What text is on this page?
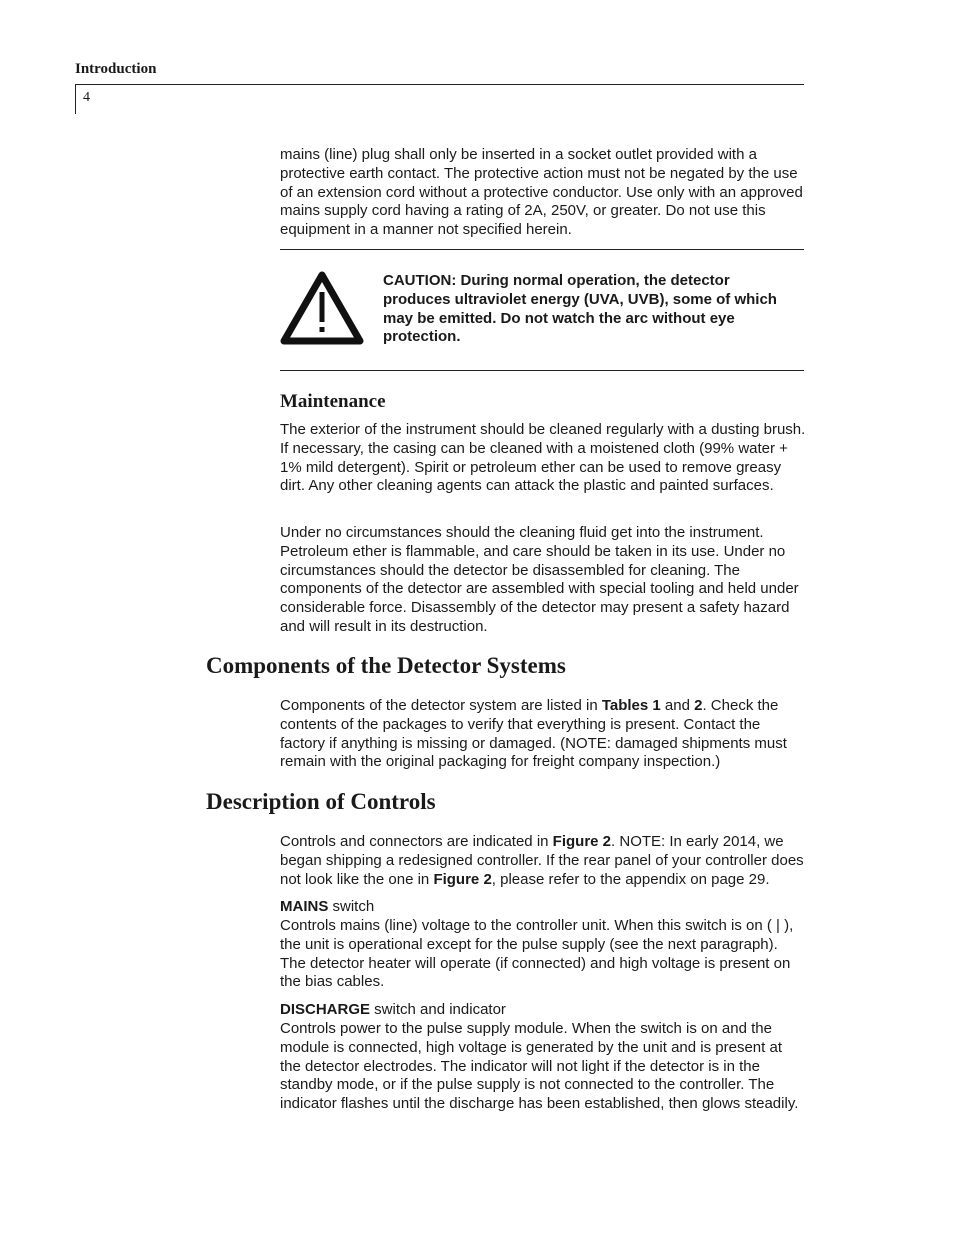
Introduction
4

mains (line) plug shall only be inserted in a socket outlet provided with a protective earth contact. The protective action must not be negated by the use of an extension cord without a protective conductor. Use only with an approved mains supply cord having a rating of 2A, 250V, or greater. Do not use this equipment in a manner not specified herein.

CAUTION: During normal operation, the detector produces ultraviolet energy (UVA, UVB), some of which may be emitted. Do not watch the arc without eye protection.

Maintenance

The exterior of the instrument should be cleaned regularly with a dusting brush. If necessary, the casing can be cleaned with a moistened cloth (99% water + 1% mild detergent). Spirit or petroleum ether can be used to remove greasy dirt. Any other cleaning agents can attack the plastic and painted surfaces.

Under no circumstances should the cleaning fluid get into the instrument. Petroleum ether is flammable, and care should be taken in its use. Under no circumstances should the detector be disassembled for cleaning. The components of the detector are assembled with special tooling and held under considerable force. Disassembly of the detector may present a safety hazard and will result in its destruction.

Components of the Detector Systems

Components of the detector system are listed in Tables 1 and 2. Check the contents of the packages to verify that everything is present. Contact the factory if anything is missing or damaged. (NOTE: damaged shipments must remain with the original packaging for freight company inspection.)

Description of Controls

Controls and connectors are indicated in Figure 2. NOTE: In early 2014, we began shipping a redesigned controller. If the rear panel of your controller does not look like the one in Figure 2, please refer to the appendix on page 29.

MAINS switch

Controls mains (line) voltage to the controller unit. When this switch is on ( | ), the unit is operational except for the pulse supply (see the next paragraph). The detector heater will operate (if connected) and high voltage is present on the bias cables.

DISCHARGE switch and indicator

Controls power to the pulse supply module. When the switch is on and the module is connected, high voltage is generated by the unit and is present at the detector electrodes. The indicator will not light if the detector is in the standby mode, or if the pulse supply is not connected to the controller. The indicator flashes until the discharge has been established, then glows steadily.
